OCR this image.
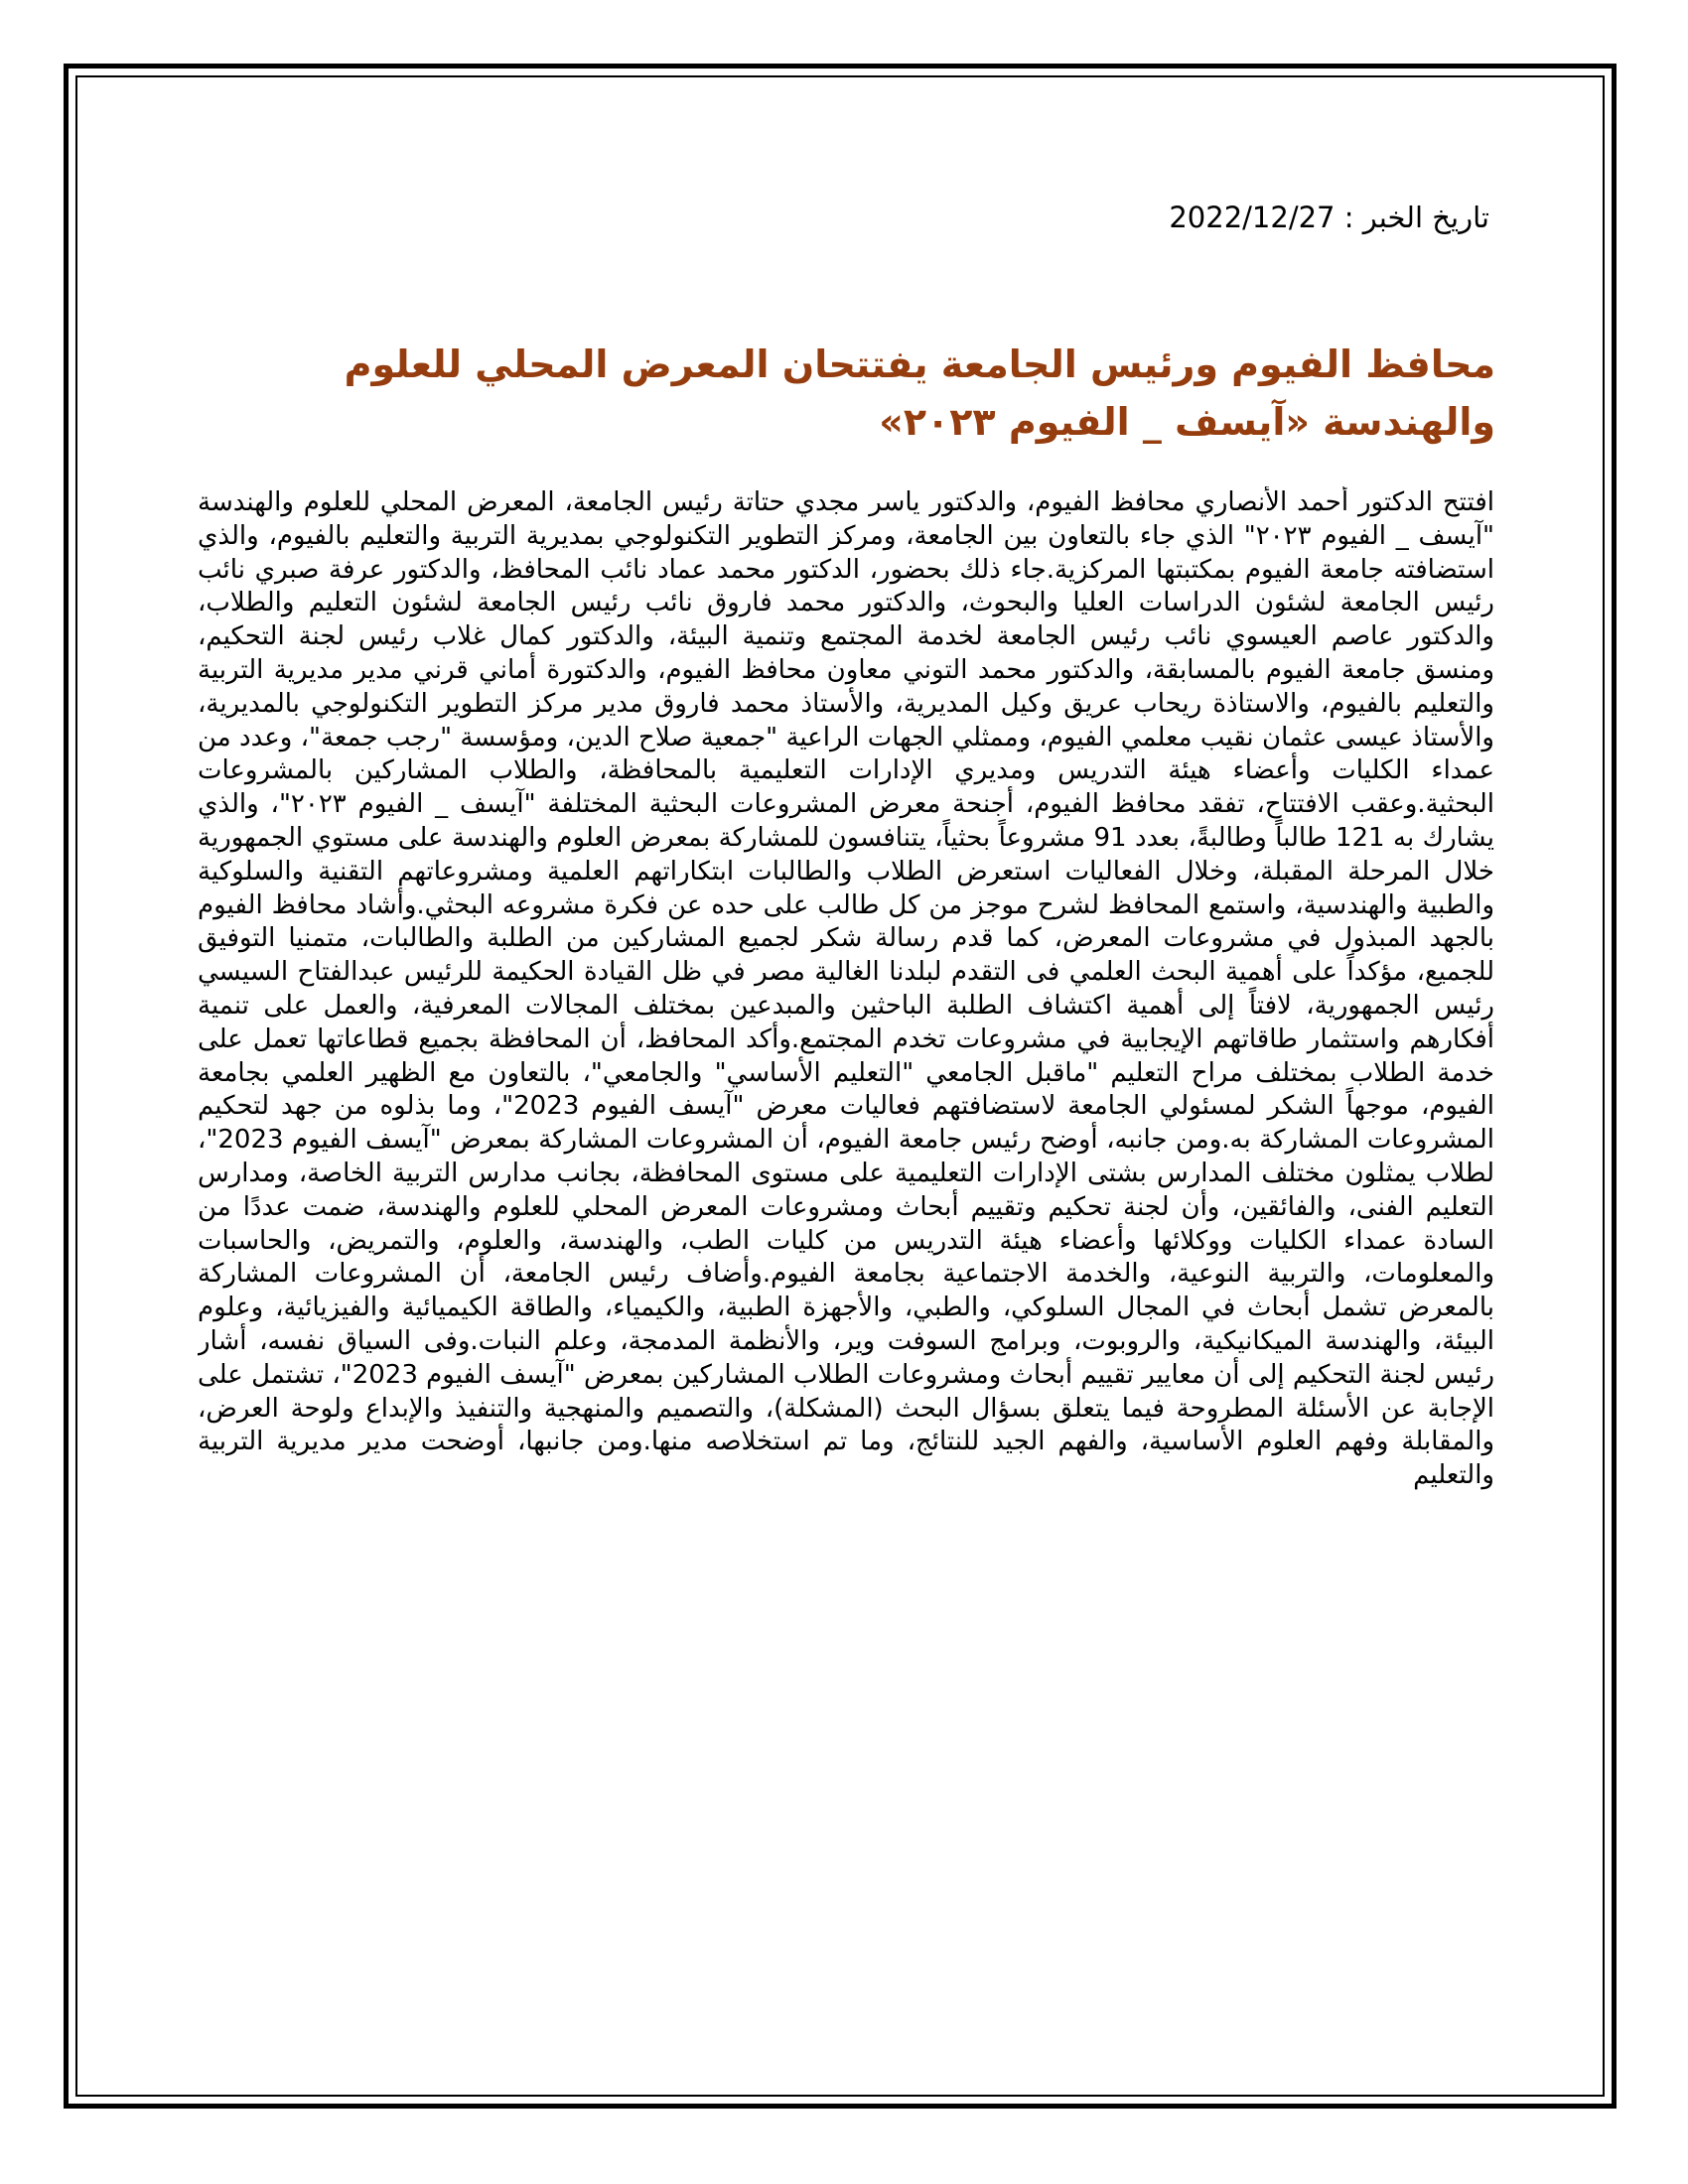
تاريخ الخبر : 2022/12/27
محافظ الفيوم ورئيس الجامعة يفتتحان المعرض المحلي للعلوم والهندسة «آيسف _ الفيوم ٢٠٢٣»

افتتح الدكتور أحمد الأنصاري محافظ الفيوم، والدكتور ياسر مجدي حتاتة رئيس الجامعة، المعرض المحلي للعلوم والهندسة "آيسف _ الفيوم ٢٠٢٣" الذي جاء بالتعاون بين الجامعة، ومركز التطوير التكنولوجي بمديرية التربية والتعليم بالفيوم، والذي استضافته جامعة الفيوم بمكتبتها المركزية.جاء ذلك بحضور، الدكتور محمد عماد نائب المحافظ، والدكتور عرفة صبري نائب رئيس الجامعة لشئون الدراسات العليا والبحوث، والدكتور محمد فاروق نائب رئيس الجامعة لشئون التعليم والطلاب، والدكتور عاصم العيسوي نائب رئيس الجامعة لخدمة المجتمع وتنمية البيئة، والدكتور كمال غلاب رئيس لجنة التحكيم، ومنسق جامعة الفيوم بالمسابقة، والدكتور محمد التوني معاون محافظ الفيوم، والدكتورة أماني قرني مدير مديرية التربية والتعليم بالفيوم، والاستاذة ريحاب عريق وكيل المديرية، والأستاذ محمد فاروق مدير مركز التطوير التكنولوجي بالمديرية، والأستاذ عيسى عثمان نقيب معلمي الفيوم، وممثلي الجهات الراعية "جمعية صلاح الدين، ومؤسسة "رجب جمعة"، وعدد من عمداء الكليات وأعضاء هيئة التدريس ومديري الإدارات التعليمية بالمحافظة، والطلاب المشاركين بالمشروعات البحثية.وعقب الافتتاح، تفقد محافظ الفيوم، أجنحة معرض المشروعات البحثية المختلفة "آيسف _ الفيوم ٢٠٢٣"، والذي يشارك به 121 طالباً وطالبةً، بعدد 91 مشروعاً بحثياً، يتنافسون للمشاركة بمعرض العلوم والهندسة على مستوي الجمهورية خلال المرحلة المقبلة، وخلال الفعاليات استعرض الطلاب والطالبات ابتكاراتهم العلمية ومشروعاتهم التقنية والسلوكية والطبية والهندسية، واستمع المحافظ لشرح موجز من كل طالب على حده عن فكرة مشروعه البحثي.وأشاد محافظ الفيوم بالجهد المبذول في مشروعات المعرض، كما قدم رسالة شكر لجميع المشاركين من الطلبة والطالبات، متمنيا التوفيق للجميع، مؤكداً على أهمية البحث العلمي فى التقدم لبلدنا الغالية مصر في ظل القيادة الحكيمة للرئيس عبدالفتاح السيسي رئيس الجمهورية، لافتاً إلى أهمية اكتشاف الطلبة الباحثين والمبدعين بمختلف المجالات المعرفية، والعمل على تنمية أفكارهم واستثمار طاقاتهم الإيجابية في مشروعات تخدم المجتمع.وأكد المحافظ، أن المحافظة بجميع قطاعاتها تعمل على خدمة الطلاب بمختلف مراح التعليم "ماقبل الجامعي "التعليم الأساسي" والجامعي"، بالتعاون مع الظهير العلمي بجامعة الفيوم، موجهاً الشكر لمسئولي الجامعة لاستضافتهم فعاليات معرض "آيسف الفيوم 2023"، وما بذلوه من جهد لتحكيم المشروعات المشاركة به.ومن جانبه، أوضح رئيس جامعة الفيوم، أن المشروعات المشاركة بمعرض "آيسف الفيوم 2023"، لطلاب يمثلون مختلف المدارس بشتى الإدارات التعليمية على مستوى المحافظة، بجانب مدارس التربية الخاصة، ومدارس التعليم الفنى، والفائقين، وأن لجنة تحكيم وتقييم أبحاث ومشروعات المعرض المحلي للعلوم والهندسة، ضمت عددًا من السادة عمداء الكليات ووكلائها وأعضاء هيئة التدريس من كليات الطب، والهندسة، والعلوم، والتمريض، والحاسبات والمعلومات، والتربية النوعية، والخدمة الاجتماعية بجامعة الفيوم.وأضاف رئيس الجامعة، أن المشروعات المشاركة بالمعرض تشمل أبحاث في المجال السلوكي، والطبي، والأجهزة الطبية، والكيمياء، والطاقة الكيميائية والفيزيائية، وعلوم البيئة، والهندسة الميكانيكية، والروبوت، وبرامج السوفت وير، والأنظمة المدمجة، وعلم النبات.وفى السياق نفسه، أشار رئيس لجنة التحكيم إلى أن معايير تقييم أبحاث ومشروعات الطلاب المشاركين بمعرض "آيسف الفيوم 2023"، تشتمل على الإجابة عن الأسئلة المطروحة فيما يتعلق بسؤال البحث (المشكلة)، والتصميم والمنهجية والتنفيذ والإبداع ولوحة العرض، والمقابلة وفهم العلوم الأساسية، والفهم الجيد للنتائج، وما تم استخلاصه منها.ومن جانبها، أوضحت مدير مديرية التربية والتعليم
